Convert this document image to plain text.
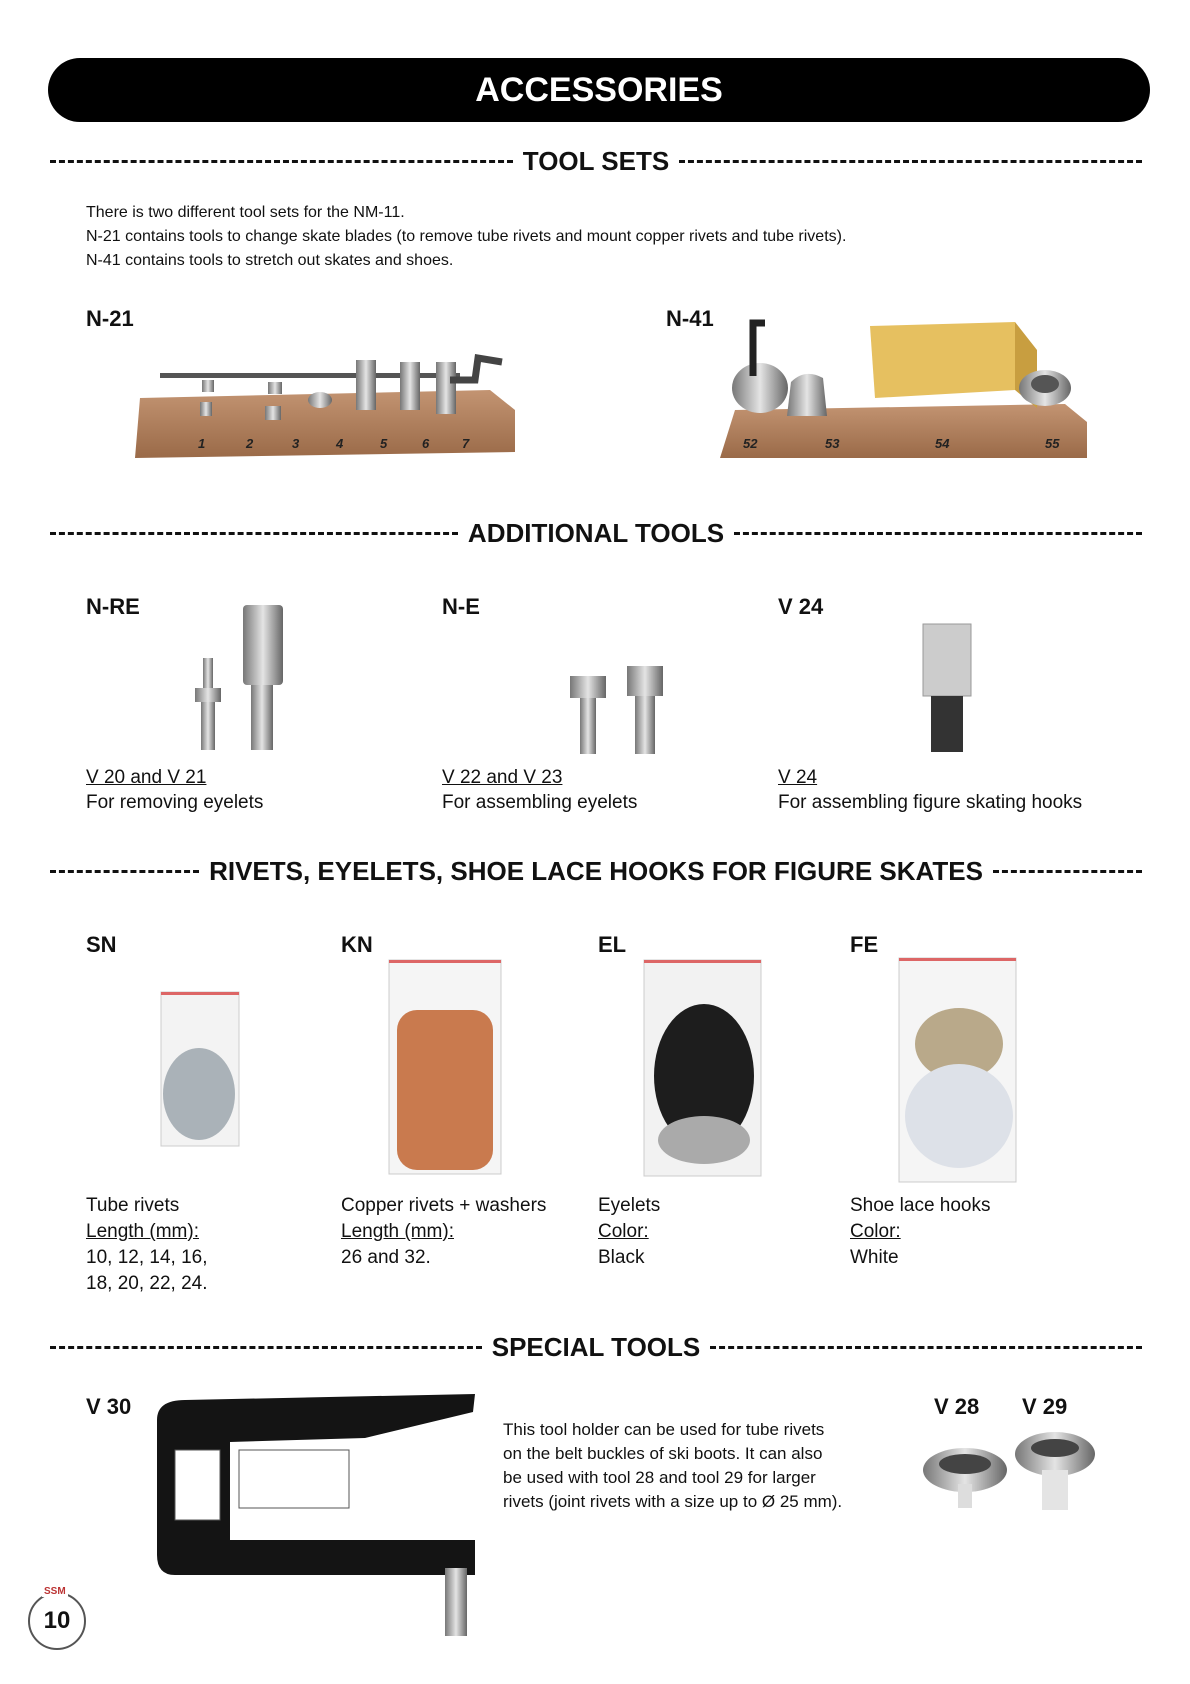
ACCESSORIES
TOOL SETS
There is two different tool sets for the NM-11.
N-21 contains tools to change skate blades (to remove tube rivets and mount copper rivets and tube rivets).
N-41 contains tools to stretch out skates and shoes.
N-21	N-41
1	2	3	4	5	6	7	52	53	54	55
ADDITIONAL TOOLS
N-RE	N-E	V 24
V 20 and V 21
For removing eyelets
V 22 and V 23
For assembling eyelets
V 24
For assembling figure skating hooks
RIVETS, EYELETS, SHOE LACE HOOKS FOR FIGURE SKATES
SN	KN	EL	FE
Tube rivets
Length (mm):
10, 12, 14, 16,
18, 20, 22, 24.
Copper rivets + washers
Length (mm):
26 and 32.
Eyelets
Color:
Black
Shoe lace hooks
Color:
White
SPECIAL TOOLS
V 30	V 28 V 29
This tool holder can be used for tube rivets
on the belt buckles of ski boots. It can also
be used with tool 28 and tool 29 for larger
rivets (joint rivets with a size up to Ø 25 mm).
10
SSM
